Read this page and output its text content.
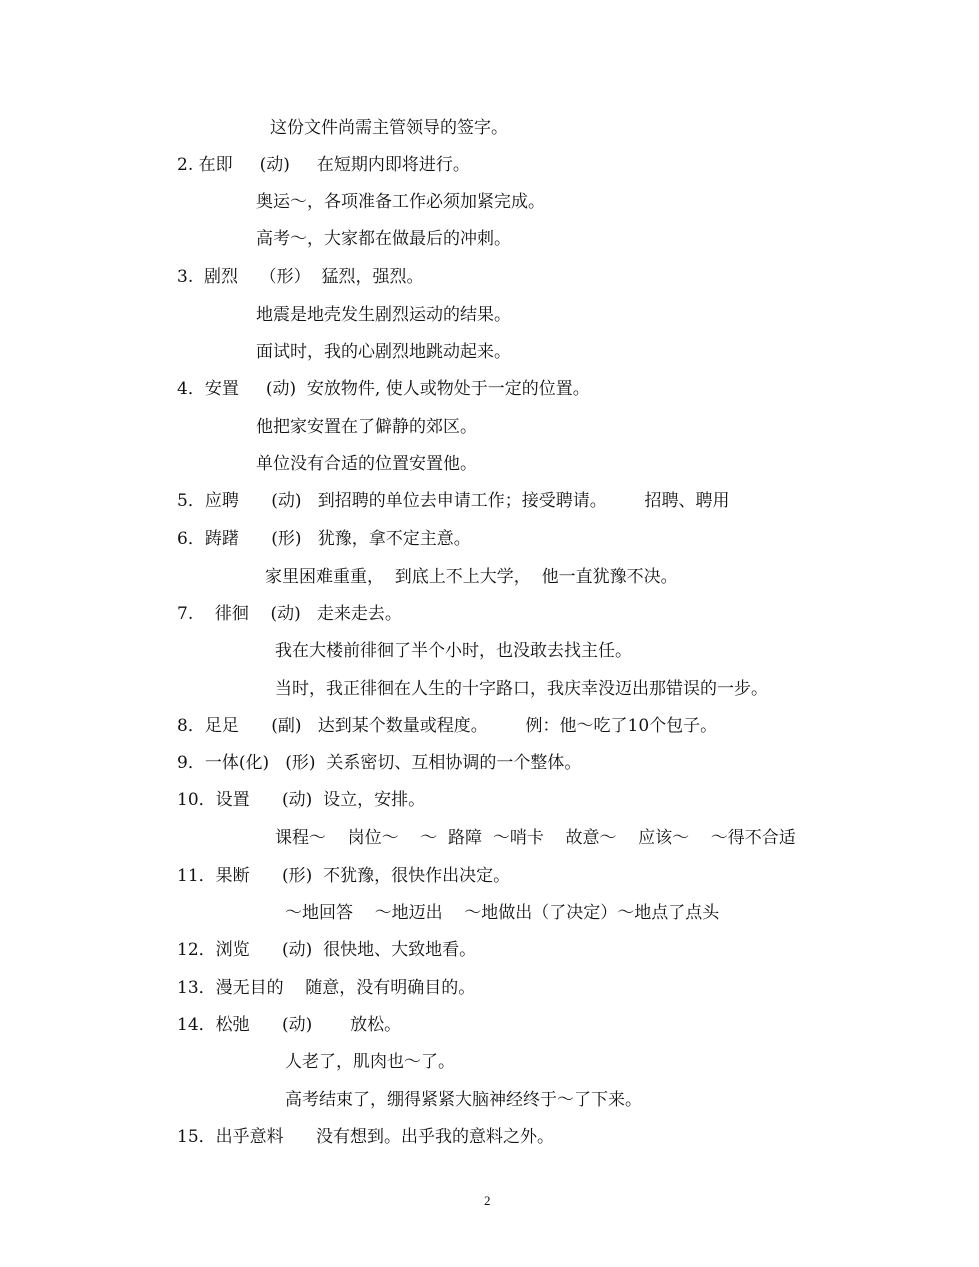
这份文件尚需主管领导的签字。

2. 在即     (动)     在短期内即将进行。

奥运～，各项准备工作必须加紧完成。

高考～，大家都在做最后的冲刺。

3.  剧烈    （形）  猛烈，强烈。

地震是地壳发生剧烈运动的结果。

面试时，我的心剧烈地跳动起来。

4．安置     (动)  安放物件, 使人或物处于一定的位置。

他把家安置在了僻静的郊区。

单位没有合适的位置安置他。

5．应聘      (动)   到招聘的单位去申请工作；接受聘请。       招聘、聘用

6．踌躇      (形)   犹豫，拿不定主意。

家里困难重重，  到底上不上大学，  他一直犹豫不决。

7.    徘徊    (动)   走来走去。

我在大楼前徘徊了半个小时，也没敢去找主任。

当时，我正徘徊在人生的十字路口，我庆幸没迈出那错误的一步。

8．足足      (副)   达到某个数量或程度。       例：他～吃了10个包子。

9．一体(化)   (形)  关系密切、互相协调的一个整体。

10．设置      (动)  设立，安排。

课程～    岗位～    ～  路障  ～哨卡    故意～    应该～    ～得不合适

11．果断      (形)  不犹豫，很快作出决定。

～地回答    ～地迈出    ～地做出（了决定）～地点了点头

12．浏览      (动)  很快地、大致地看。

13．漫无目的    随意，没有明确目的。

14．松弛      (动)       放松。

人老了，肌肉也～了。

高考结束了，绷得紧紧大脑神经终于～了下来。

15．出乎意料      没有想到。出乎我的意料之外。

2
